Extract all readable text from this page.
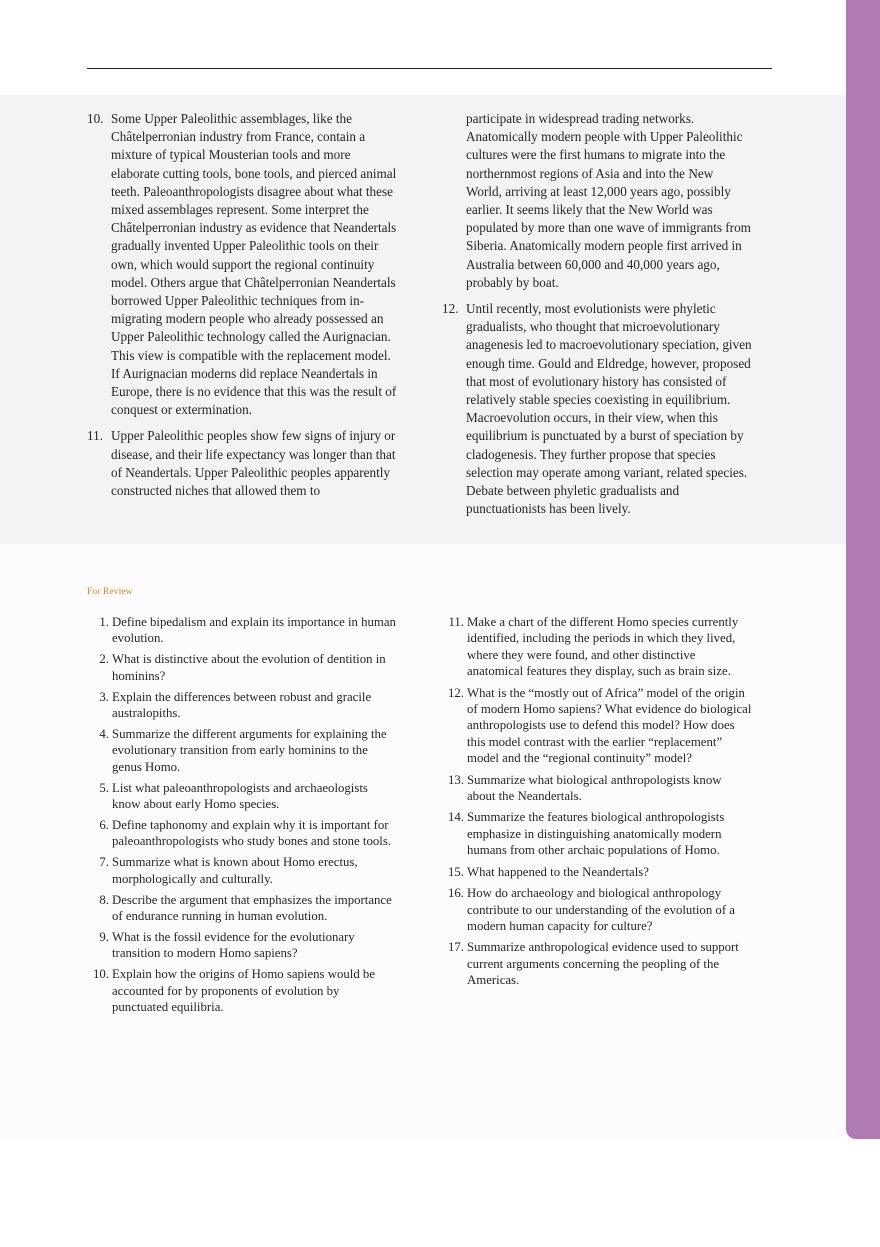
10. Some Upper Paleolithic assemblages, like the Châtelperronian industry from France, contain a mixture of typical Mousterian tools and more elaborate cutting tools, bone tools, and pierced animal teeth. Paleoanthropologists disagree about what these mixed assemblages represent. Some interpret the Châtelperronian industry as evidence that Neandertals gradually invented Upper Paleolithic tools on their own, which would support the regional continuity model. Others argue that Châtelperronian Neandertals borrowed Upper Paleolithic techniques from in-migrating modern people who already possessed an Upper Paleolithic technology called the Aurignacian. This view is compatible with the replacement model. If Aurignacian moderns did replace Neandertals in Europe, there is no evidence that this was the result of conquest or extermination.
11. Upper Paleolithic peoples show few signs of injury or disease, and their life expectancy was longer than that of Neandertals. Upper Paleolithic peoples apparently constructed niches that allowed them to
participate in widespread trading networks. Anatomically modern people with Upper Paleolithic cultures were the first humans to migrate into the northernmost regions of Asia and into the New World, arriving at least 12,000 years ago, possibly earlier. It seems likely that the New World was populated by more than one wave of immigrants from Siberia. Anatomically modern people first arrived in Australia between 60,000 and 40,000 years ago, probably by boat.
12. Until recently, most evolutionists were phyletic gradualists, who thought that microevolutionary anagenesis led to macroevolutionary speciation, given enough time. Gould and Eldredge, however, proposed that most of evolutionary history has consisted of relatively stable species coexisting in equilibrium. Macroevolution occurs, in their view, when this equilibrium is punctuated by a burst of speciation by cladogenesis. They further propose that species selection may operate among variant, related species. Debate between phyletic gradualists and punctuationists has been lively.
For Review
1. Define bipedalism and explain its importance in human evolution.
2. What is distinctive about the evolution of dentition in hominins?
3. Explain the differences between robust and gracile australopiths.
4. Summarize the different arguments for explaining the evolutionary transition from early hominins to the genus Homo.
5. List what paleoanthropologists and archaeologists know about early Homo species.
6. Define taphonomy and explain why it is important for paleoanthropologists who study bones and stone tools.
7. Summarize what is known about Homo erectus, morphologically and culturally.
8. Describe the argument that emphasizes the importance of endurance running in human evolution.
9. What is the fossil evidence for the evolutionary transition to modern Homo sapiens?
10. Explain how the origins of Homo sapiens would be accounted for by proponents of evolution by punctuated equilibria.
11. Make a chart of the different Homo species currently identified, including the periods in which they lived, where they were found, and other distinctive anatomical features they display, such as brain size.
12. What is the “mostly out of Africa” model of the origin of modern Homo sapiens? What evidence do biological anthropologists use to defend this model? How does this model contrast with the earlier “replacement” model and the “regional continuity” model?
13. Summarize what biological anthropologists know about the Neandertals.
14. Summarize the features biological anthropologists emphasize in distinguishing anatomically modern humans from other archaic populations of Homo.
15. What happened to the Neandertals?
16. How do archaeology and biological anthropology contribute to our understanding of the evolution of a modern human capacity for culture?
17. Summarize anthropological evidence used to support current arguments concerning the peopling of the Americas.
